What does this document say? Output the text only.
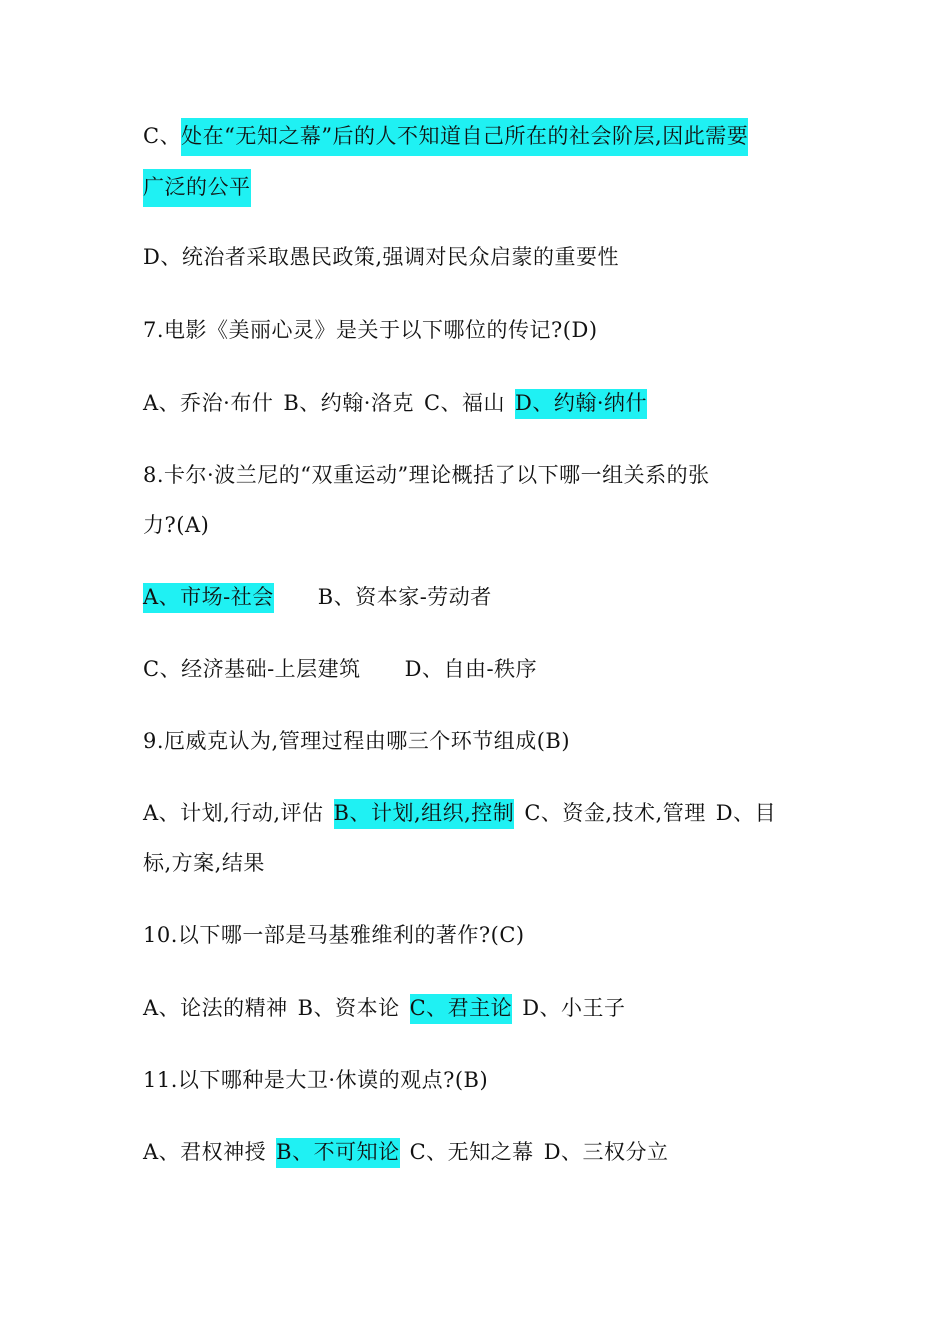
C、处在“无知之幕”后的人不知道自己所在的社会阶层,因此需要
广泛的公平
D、统治者采取愚民政策,强调对民众启蒙的重要性
7.电影《美丽心灵》是关于以下哪位的传记?(D)
A、乔治·布什 B、约翰·洛克 C、福山 D、约翰·纳什
8.卡尔·波兰尼的“双重运动”理论概括了以下哪一组关系的张
力?(A)
A、市场-社会 B、资本家-劳动者
C、经济基础-上层建筑 D、自由-秩序
9.厄威克认为,管理过程由哪三个环节组成(B)
A、计划,行动,评估 B、计划,组织,控制 C、资金,技术,管理 D、目
标,方案,结果
10.以下哪一部是马基雅维利的著作?(C)
A、论法的精神 B、资本论 C、君主论 D、小王子
11.以下哪种是大卫·休谟的观点?(B)
A、君权神授 B、不可知论 C、无知之幕 D、三权分立
